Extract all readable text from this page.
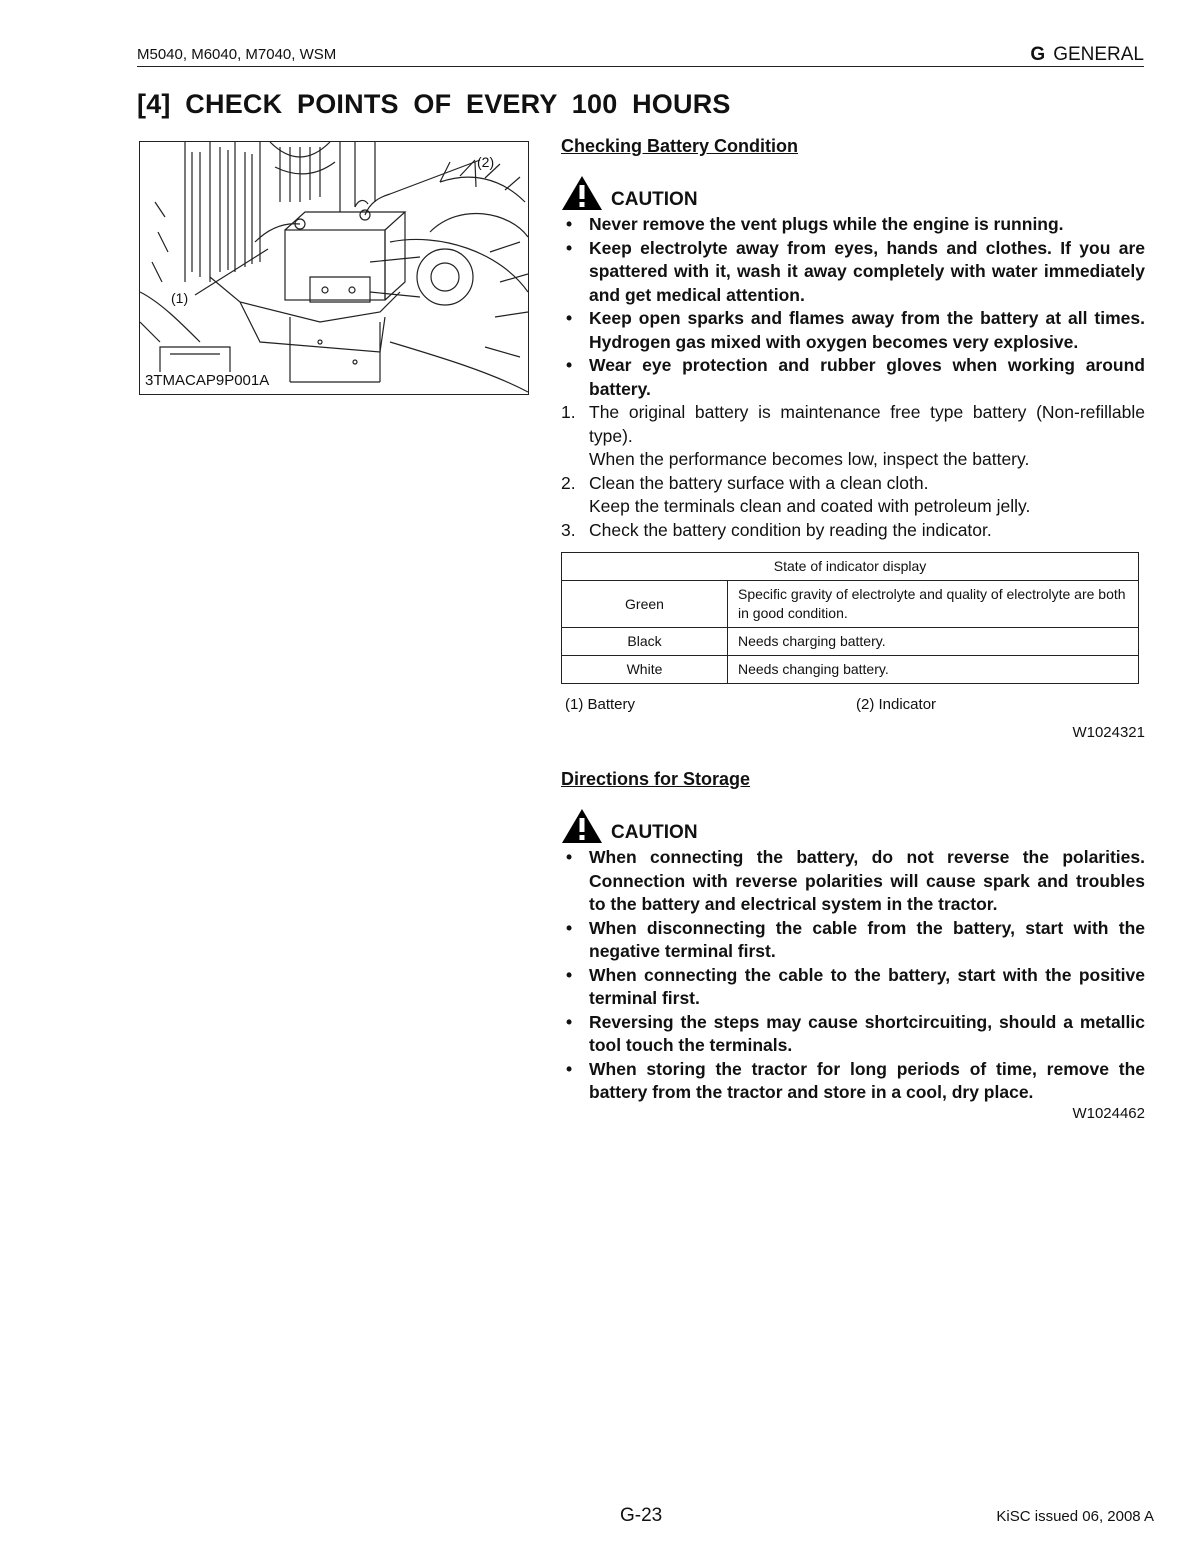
M5040, M6040, M7040, WSM	G GENERAL
[4] CHECK POINTS OF EVERY 100 HOURS
(2)
(1)
3TMACAP9P001A
Checking Battery Condition
CAUTION
• Never remove the vent plugs while the engine is running.
• Keep electrolyte away from eyes, hands and clothes. If you are spattered with it, wash it away completely with water immediately and get medical attention.
• Keep open sparks and flames away from the battery at all times. Hydrogen gas mixed with oxygen becomes very explosive.
• Wear eye protection and rubber gloves when working around battery.
1. The original battery is maintenance free type battery (Non-refillable type).
When the performance becomes low, inspect the battery.
2. Clean the battery surface with a clean cloth.
Keep the terminals clean and coated with petroleum jelly.
3. Check the battery condition by reading the indicator.
State of indicator display	
Green	Specific gravity of electrolyte and quality of electrolyte are both in good condition.
Black	Needs charging battery.
White	Needs changing battery.
(1) Battery	(2) Indicator
W1024321
Directions for Storage
CAUTION
• When connecting the battery, do not reverse the polarities. Connection with reverse polarities will cause spark and troubles to the battery and electrical system in the tractor.
• When disconnecting the cable from the battery, start with the negative terminal first.
• When connecting the cable to the battery, start with the positive terminal first.
• Reversing the steps may cause shortcircuiting, should a metallic tool touch the terminals.
• When storing the tractor for long periods of time, remove the battery from the tractor and store in a cool, dry place.
W1024462
G-23	KiSC issued 06, 2008 A
